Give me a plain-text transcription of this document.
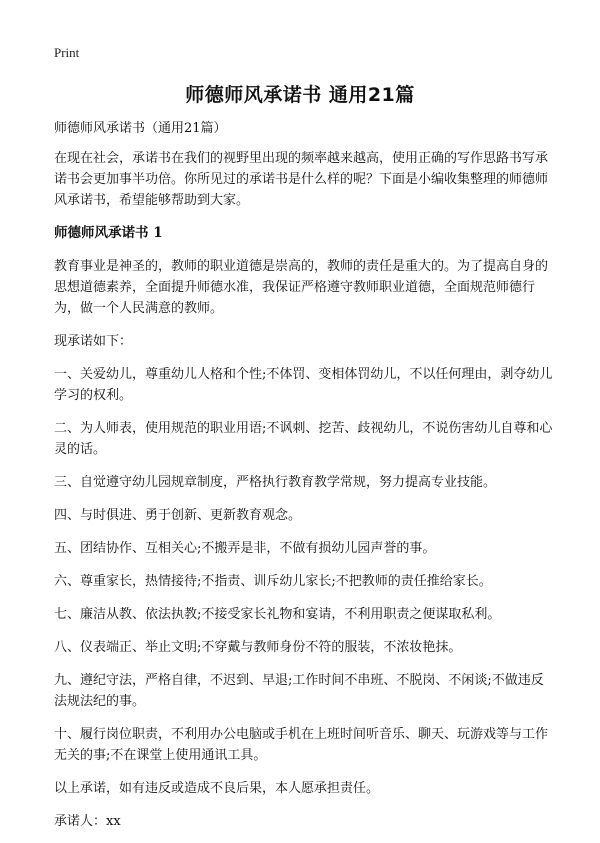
Print
师德师风承诺书 通用21篇

师德师风承诺书（通用21篇）

在现在社会，承诺书在我们的视野里出现的频率越来越高，使用正确的写作思路书写承诺书会更加事半功倍。你所见过的承诺书是什么样的呢？下面是小编收集整理的师德师风承诺书，希望能够帮助到大家。

师德师风承诺书 1

教育事业是神圣的，教师的职业道德是崇高的，教师的责任是重大的。为了提高自身的思想道德素养，全面提升师德水准，我保证严格遵守教师职业道德，全面规范师德行为，做一个人民满意的教师。

现承诺如下：

一、关爱幼儿，尊重幼儿人格和个性;不体罚、变相体罚幼儿，不以任何理由，剥夺幼儿学习的权利。

二、为人师表，使用规范的职业用语;不讽刺、挖苦、歧视幼儿，不说伤害幼儿自尊和心灵的话。

三、自觉遵守幼儿园规章制度，严格执行教育教学常规，努力提高专业技能。

四、与时俱进、勇于创新、更新教育观念。

五、团结协作、互相关心;不搬弄是非，不做有损幼儿园声誉的事。

六、尊重家长，热情接待;不指责、训斥幼儿家长;不把教师的责任推给家长。

七、廉洁从教、依法执教;不接受家长礼物和宴请，不利用职责之便谋取私利。

八、仪表端正、举止文明;不穿戴与教师身份不符的服装，不浓妆艳抹。

九、遵纪守法，严格自律，不迟到、早退;工作时间不串班、不脱岗、不闲谈;不做违反法规法纪的事。

十、履行岗位职责，不利用办公电脑或手机在上班时间听音乐、聊天、玩游戏等与工作无关的事;不在课堂上使用通讯工具。

以上承诺，如有违反或造成不良后果，本人愿承担责任。

承诺人：xx
